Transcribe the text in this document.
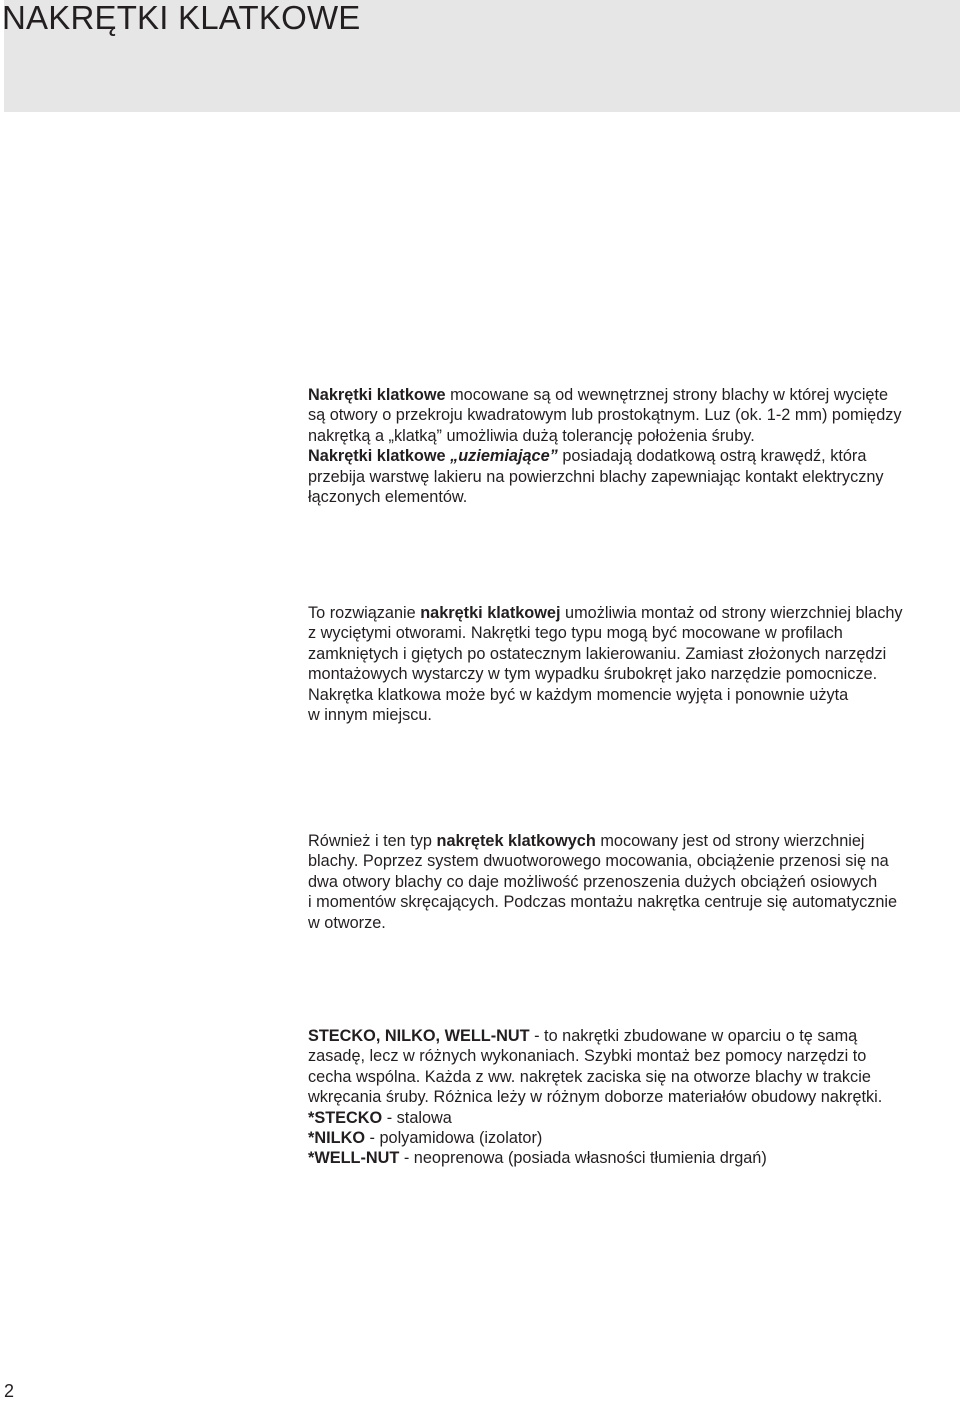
NAKRĘTKI KLATKOWE

Nakrętki klatkowe mocowane są od wewnętrznej strony blachy w której wycięte
są otwory o przekroju kwadratowym lub prostokątnym. Luz (ok. 1-2 mm) pomiędzy
nakrętką a „klatką” umożliwia dużą tolerancję położenia śruby.
Nakrętki klatkowe „uziemiające” posiadają dodatkową ostrą krawędź, która
przebija warstwę lakieru na powierzchni blachy zapewniając kontakt elektryczny
łączonych elementów.

To rozwiązanie nakrętki klatkowej umożliwia montaż od strony wierzchniej blachy
z wyciętymi otworami. Nakrętki tego typu mogą być mocowane w profilach
zamkniętych i giętych po ostatecznym lakierowaniu. Zamiast złożonych narzędzi
montażowych wystarczy w tym wypadku śrubokręt jako narzędzie pomocnicze.
Nakrętka klatkowa może być w każdym momencie wyjęta i ponownie użyta
w innym miejscu.

Również i ten typ nakrętek klatkowych mocowany jest od strony wierzchniej
blachy. Poprzez system dwuotworowego mocowania, obciążenie przenosi się na
dwa otwory blachy co daje możliwość przenoszenia dużych obciążeń osiowych
i momentów skręcających. Podczas montażu nakrętka centruje się automatycznie
w otworze.

STECKO, NILKO, WELL-NUT - to nakrętki zbudowane w oparciu o tę samą
zasadę, lecz w różnych wykonaniach. Szybki montaż bez pomocy narzędzi to
cecha wspólna. Każda z ww. nakrętek zaciska się na otworze blachy w trakcie
wkręcania śruby. Różnica leży w różnym doborze materiałów obudowy nakrętki.
*STECKO - stalowa
*NILKO - polyamidowa (izolator)
*WELL-NUT - neoprenowa (posiada własności tłumienia drgań)

2
